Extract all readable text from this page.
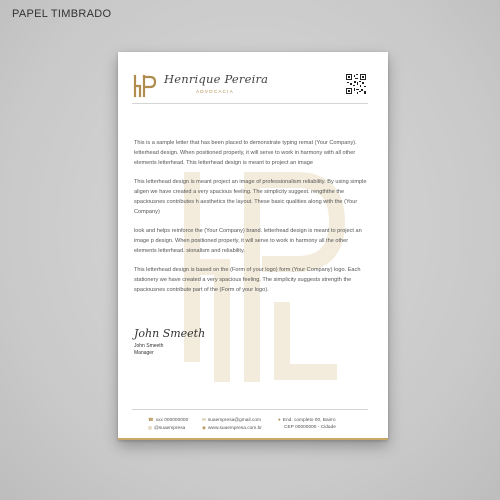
PAPEL TIMBRADO
Henrique Pereira
ADVOCACIA

This is a sample letter that has been placed to demonstrate typing remat (Your Company). letterhead design. When positioned properly, it will serve to work in harmony with all other elements letterhead. This letterhead design is meant to project an image

This letterhead design is meant project an image of professionalism reliability. By using simple aligen we have created a very spacious feeling. The simplicity suggest. rengththe the spaciousnes contributes h aesthetics the layout. These basic qualities along with the (Your Company)

look and helps reinforce the (Your Company) brand. letterhead design is meant to project an image p design. When positioned properly, it will serve to work in harmony all the other elements letterhead. sionalism and reliability.

This letterhead design is based on the (Form of your logo) form (Your Company) logo. Each stationery we have created a very spacious feeling. The simplicity suggests strength the spaciousnes contribute part of the (Form of your logo).

John Smeeth
John Smeeth
Manager
☎ xxx 000000000
◎ @suaempresa
✉ suaempresa@gmail.com
◉ www.suaempresa.com.br
● End. completo 00, Bairro
CEP 00000000 - Cidade
